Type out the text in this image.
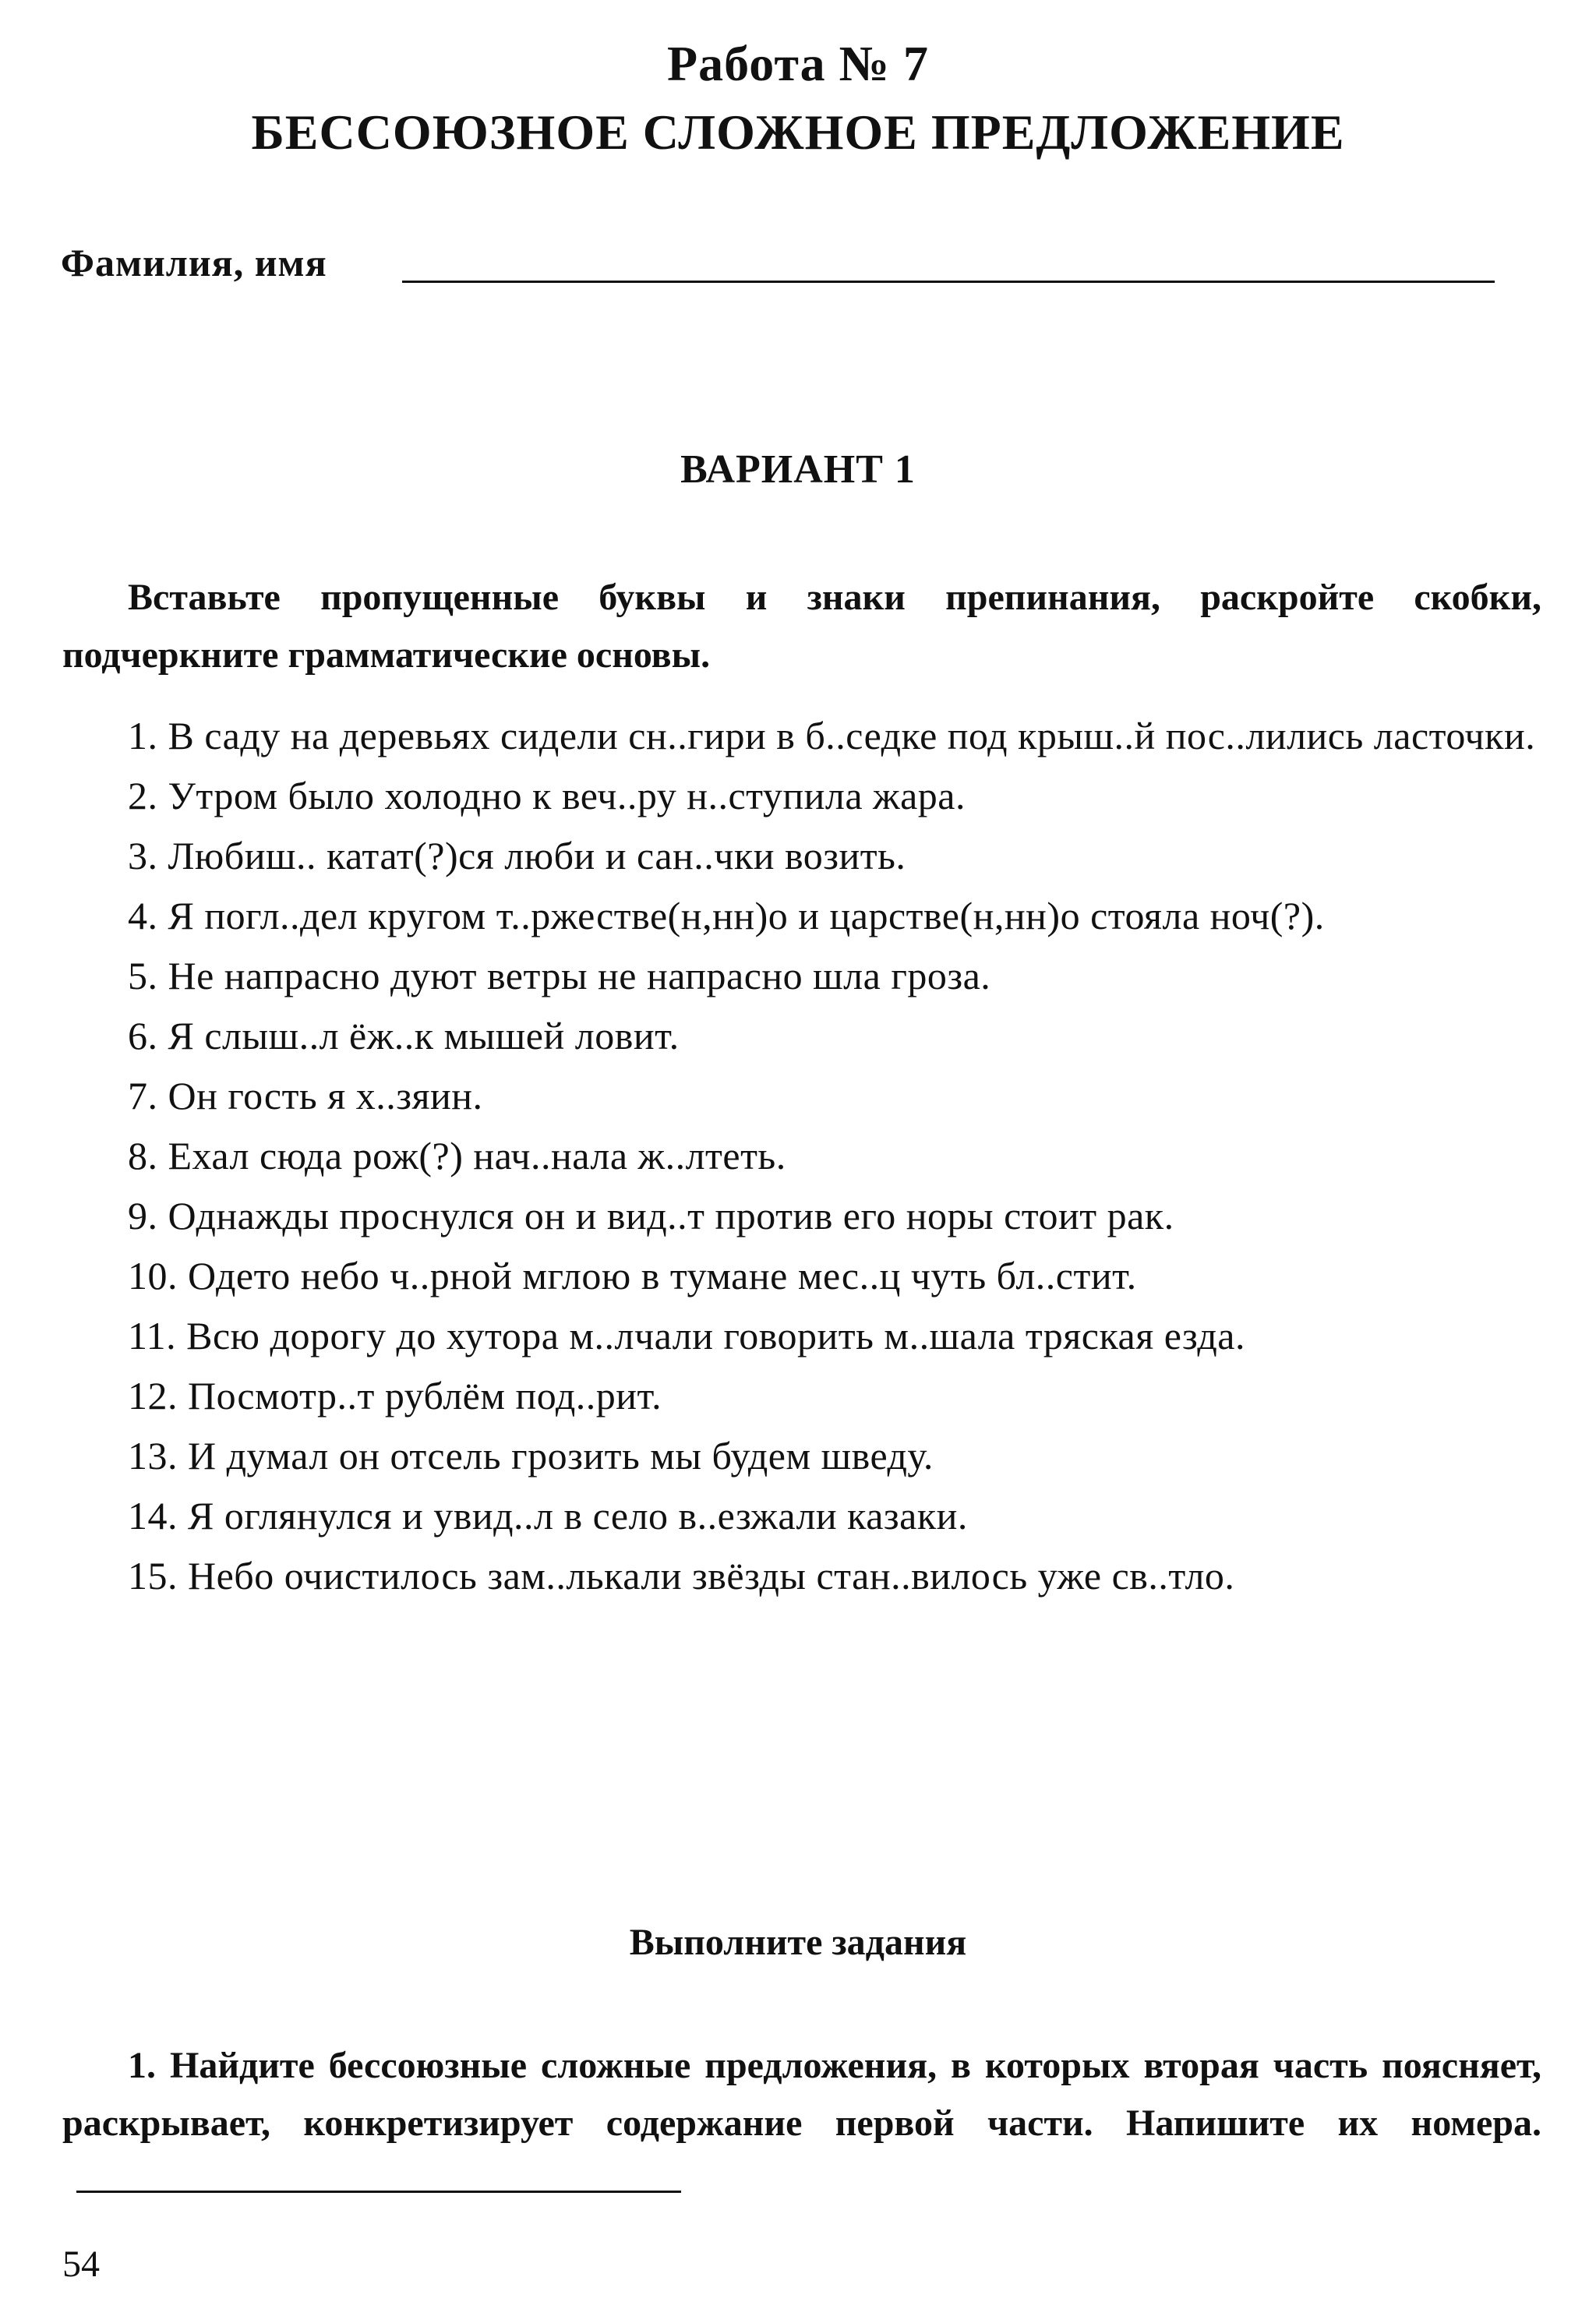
Работа № 7
БЕССОЮЗНОЕ СЛОЖНОЕ ПРЕДЛОЖЕНИЕ
Фамилия, имя
ВАРИАНТ 1
Вставьте пропущенные буквы и знаки препинания, раскройте скобки, подчеркните грамматические основы.
1. В саду на деревьях сидели сн..гири в б..седке под крыш..й пос..лились ласточки.
2. Утром было холодно к веч..ру н..ступила жара.
3. Любиш.. катат(?)ся люби и сан..чки возить.
4. Я погл..дел кругом т..ржестве(н,нн)о и царстве(н,нн)о стояла ноч(?).
5. Не напрасно дуют ветры не напрасно шла гроза.
6. Я слыш..л ёж..к мышей ловит.
7. Он гость я х..зяин.
8. Ехал сюда рож(?) нач..нала ж..лтеть.
9. Однажды проснулся он и вид..т против его норы стоит рак.
10. Одето небо ч..рной мглою в тумане мес..ц чуть бл..стит.
11. Всю дорогу до хутора м..лчали говорить м..шала тряская езда.
12. Посмотр..т рублём под..рит.
13. И думал он отсель грозить мы будем шведу.
14. Я оглянулся и увид..л в село в..езжали казаки.
15. Небо очистилось зам..лькали звёзды стан..вилось уже св..тло.
Выполните задания
1. Найдите бессоюзные сложные предложения, в которых вторая часть поясняет, раскрывает, конкретизирует содержание первой части. Напишите их номера.
54
